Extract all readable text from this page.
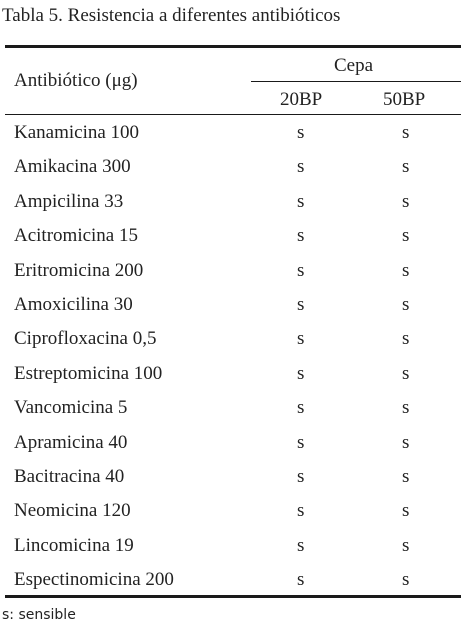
Tabla 5. Resistencia a diferentes antibióticos
Antibiótico (μg)
Cepa
20BP	50BP
Kanamicina 100	s	s
Amikacina 300	s	s
Ampicilina 33	s	s
Acitromicina 15	s	s
Eritromicina 200	s	s
Amoxicilina 30	s	s
Ciprofloxacina 0,5	s	s
Estreptomicina 100	s	s
Vancomicina 5	s	s
Apramicina 40	s	s
Bacitracina 40	s	s
Neomicina 120	s	s
Lincomicina 19	s	s
Espectinomicina 200	s	s
s: sensible
